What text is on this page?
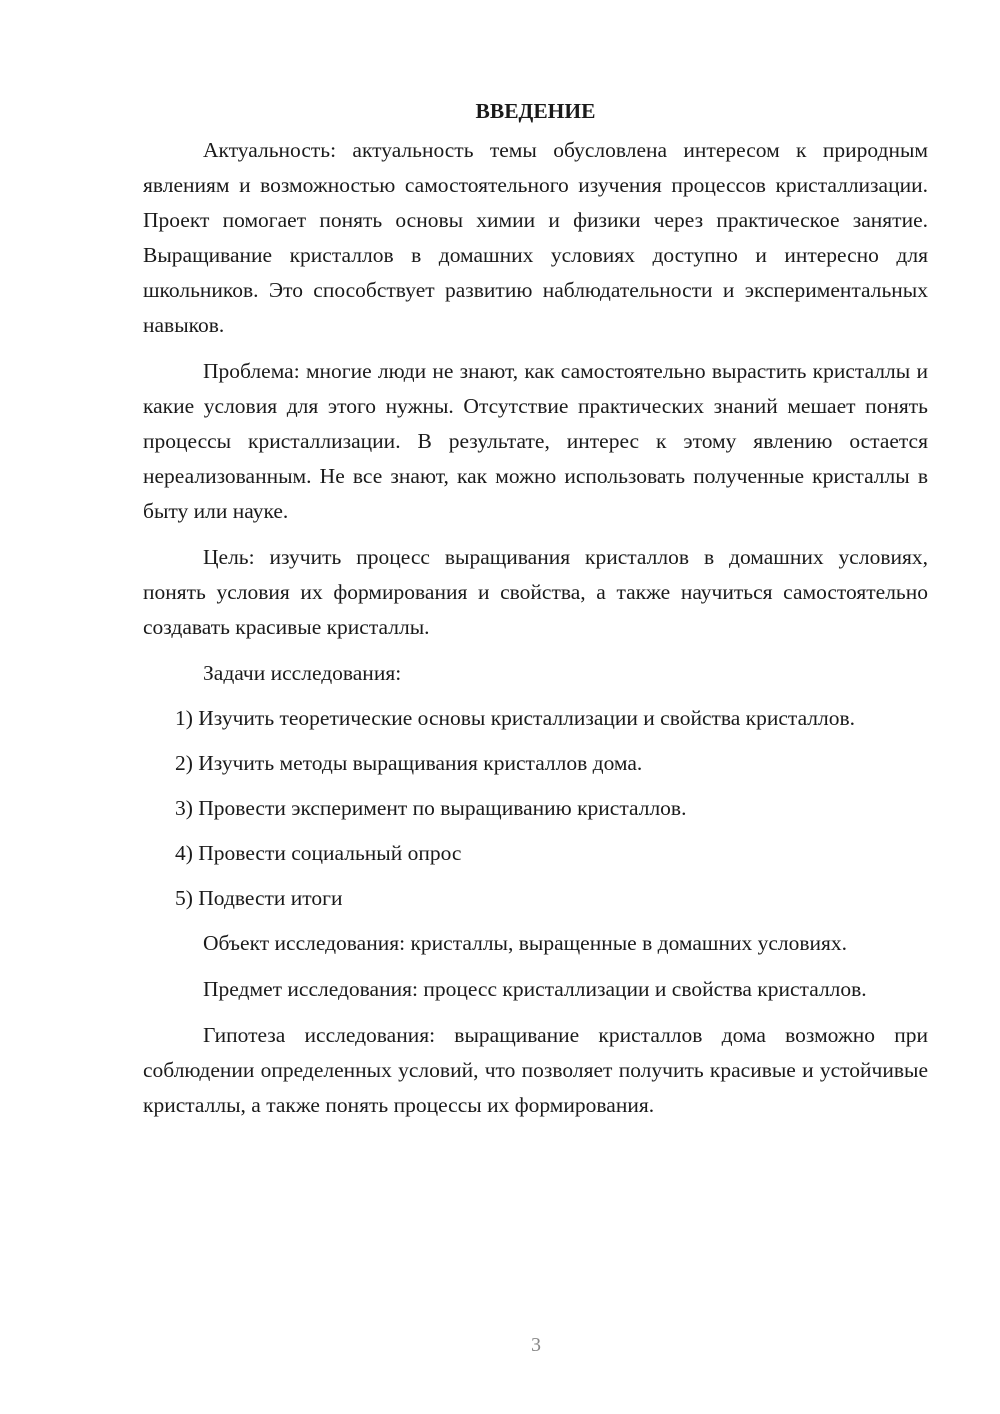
ВВЕДЕНИЕ

Актуальность: актуальность темы обусловлена интересом к природным явлениям и возможностью самостоятельного изучения процессов кристаллизации. Проект помогает понять основы химии и физики через практическое занятие. Выращивание кристаллов в домашних условиях доступно и интересно для школьников. Это способствует развитию наблюдательности и экспериментальных навыков.

Проблема: многие люди не знают, как самостоятельно вырастить кристаллы и какие условия для этого нужны. Отсутствие практических знаний мешает понять процессы кристаллизации. В результате, интерес к этому явлению остается нереализованным. Не все знают, как можно использовать полученные кристаллы в быту или науке.

Цель: изучить процесс выращивания кристаллов в домашних условиях, понять условия их формирования и свойства, а также научиться самостоятельно создавать красивые кристаллы.

Задачи исследования:

1) Изучить теоретические основы кристаллизации и свойства кристаллов.

2) Изучить методы выращивания кристаллов дома.

3) Провести эксперимент по выращиванию кристаллов.

4) Провести социальный опрос

5) Подвести итоги

Объект исследования: кристаллы, выращенные в домашних условиях.

Предмет исследования: процесс кристаллизации и свойства кристаллов.

Гипотеза исследования: выращивание кристаллов дома возможно при соблюдении определенных условий, что позволяет получить красивые и устойчивые кристаллы, а также понять процессы их формирования.

3
